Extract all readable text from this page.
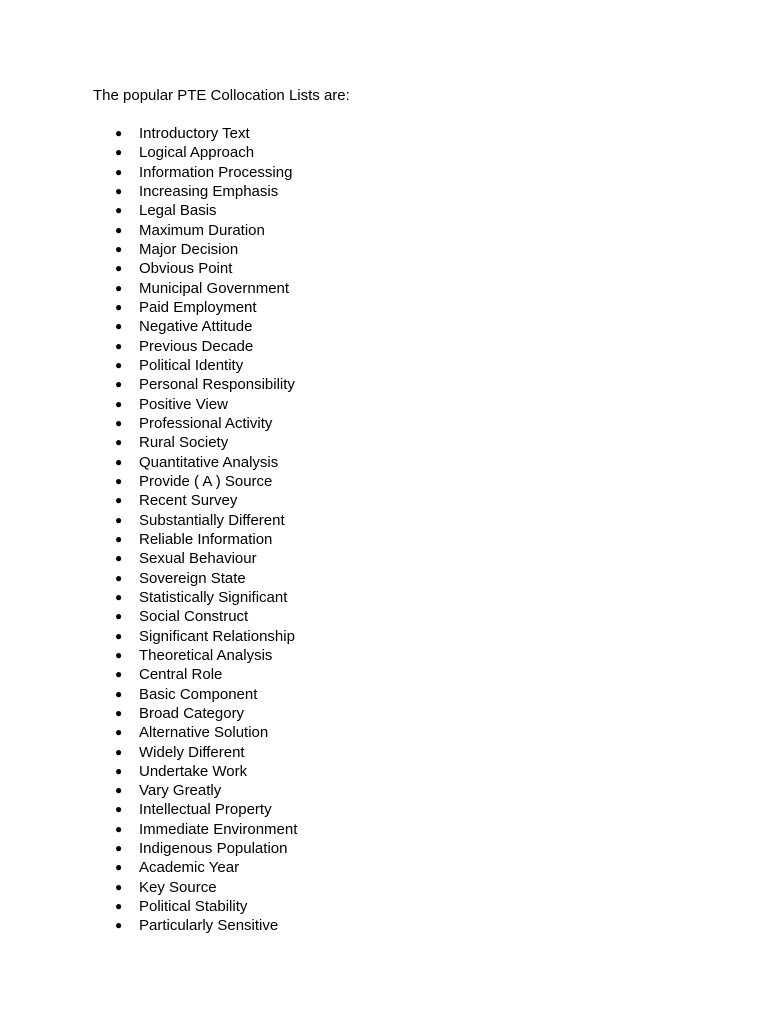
The popular PTE Collocation Lists are:

● Introductory Text
● Logical Approach
● Information Processing
● Increasing Emphasis
● Legal Basis
● Maximum Duration
● Major Decision
● Obvious Point
● Municipal Government
● Paid Employment
● Negative Attitude
● Previous Decade
● Political Identity
● Personal Responsibility
● Positive View
● Professional Activity
● Rural Society
● Quantitative Analysis
● Provide ( A ) Source
● Recent Survey
● Substantially Different
● Reliable Information
● Sexual Behaviour
● Sovereign State
● Statistically Significant
● Social Construct
● Significant Relationship
● Theoretical Analysis
● Central Role
● Basic Component
● Broad Category
● Alternative Solution
● Widely Different
● Undertake Work
● Vary Greatly
● Intellectual Property
● Immediate Environment
● Indigenous Population
● Academic Year
● Key Source
● Political Stability
● Particularly Sensitive
